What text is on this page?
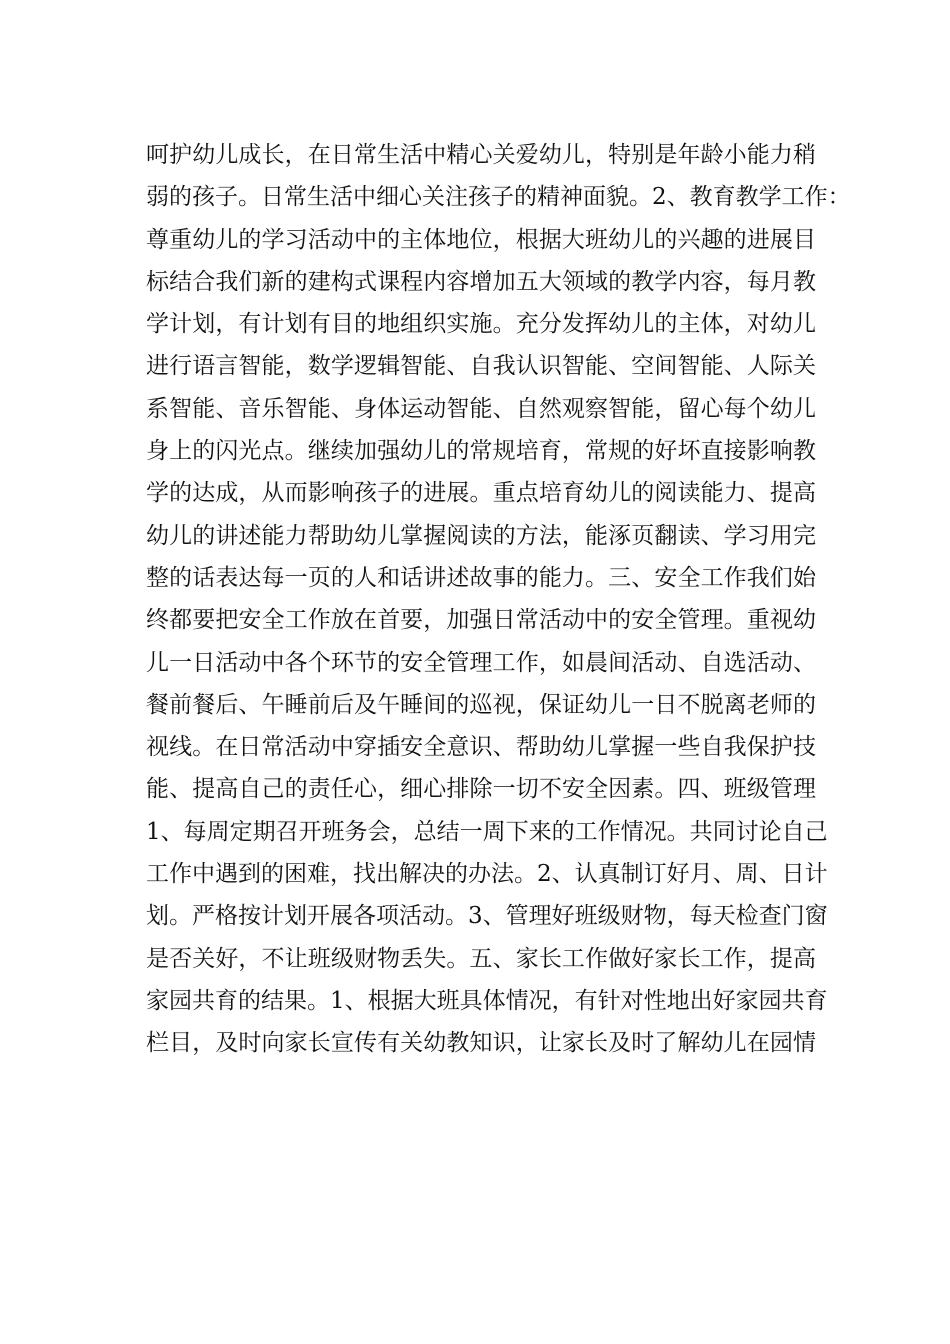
呵护幼儿成长，在日常生活中精心关爱幼儿，特别是年龄小能力稍
弱的孩子。日常生活中细心关注孩子的精神面貌。2、教育教学工作：
尊重幼儿的学习活动中的主体地位，根据大班幼儿的兴趣的进展目
标结合我们新的建构式课程内容增加五大领域的教学内容，每月教
学计划，有计划有目的地组织实施。充分发挥幼儿的主体，对幼儿
进行语言智能，数学逻辑智能、自我认识智能、空间智能、人际关
系智能、音乐智能、身体运动智能、自然观察智能，留心每个幼儿
身上的闪光点。继续加强幼儿的常规培育，常规的好坏直接影响教
学的达成，从而影响孩子的进展。重点培育幼儿的阅读能力、提高
幼儿的讲述能力帮助幼儿掌握阅读的方法，能涿页翻读、学习用完
整的话表达每一页的人和话讲述故事的能力。三、安全工作我们始
终都要把安全工作放在首要，加强日常活动中的安全管理。重视幼
儿一日活动中各个环节的安全管理工作，如晨间活动、自选活动、
餐前餐后、午睡前后及午睡间的巡视，保证幼儿一日不脱离老师的
视线。在日常活动中穿插安全意识、帮助幼儿掌握一些自我保护技
能、提高自己的责任心，细心排除一切不安全因素。四、班级管理
1、每周定期召开班务会，总结一周下来的工作情况。共同讨论自己
工作中遇到的困难，找出解决的办法。2、认真制订好月、周、日计
划。严格按计划开展各项活动。3、管理好班级财物，每天检查门窗
是否关好，不让班级财物丢失。五、家长工作做好家长工作，提高
家园共育的结果。1、根据大班具体情况，有针对性地出好家园共育
栏目，及时向家长宣传有关幼教知识，让家长及时了解幼儿在园情
